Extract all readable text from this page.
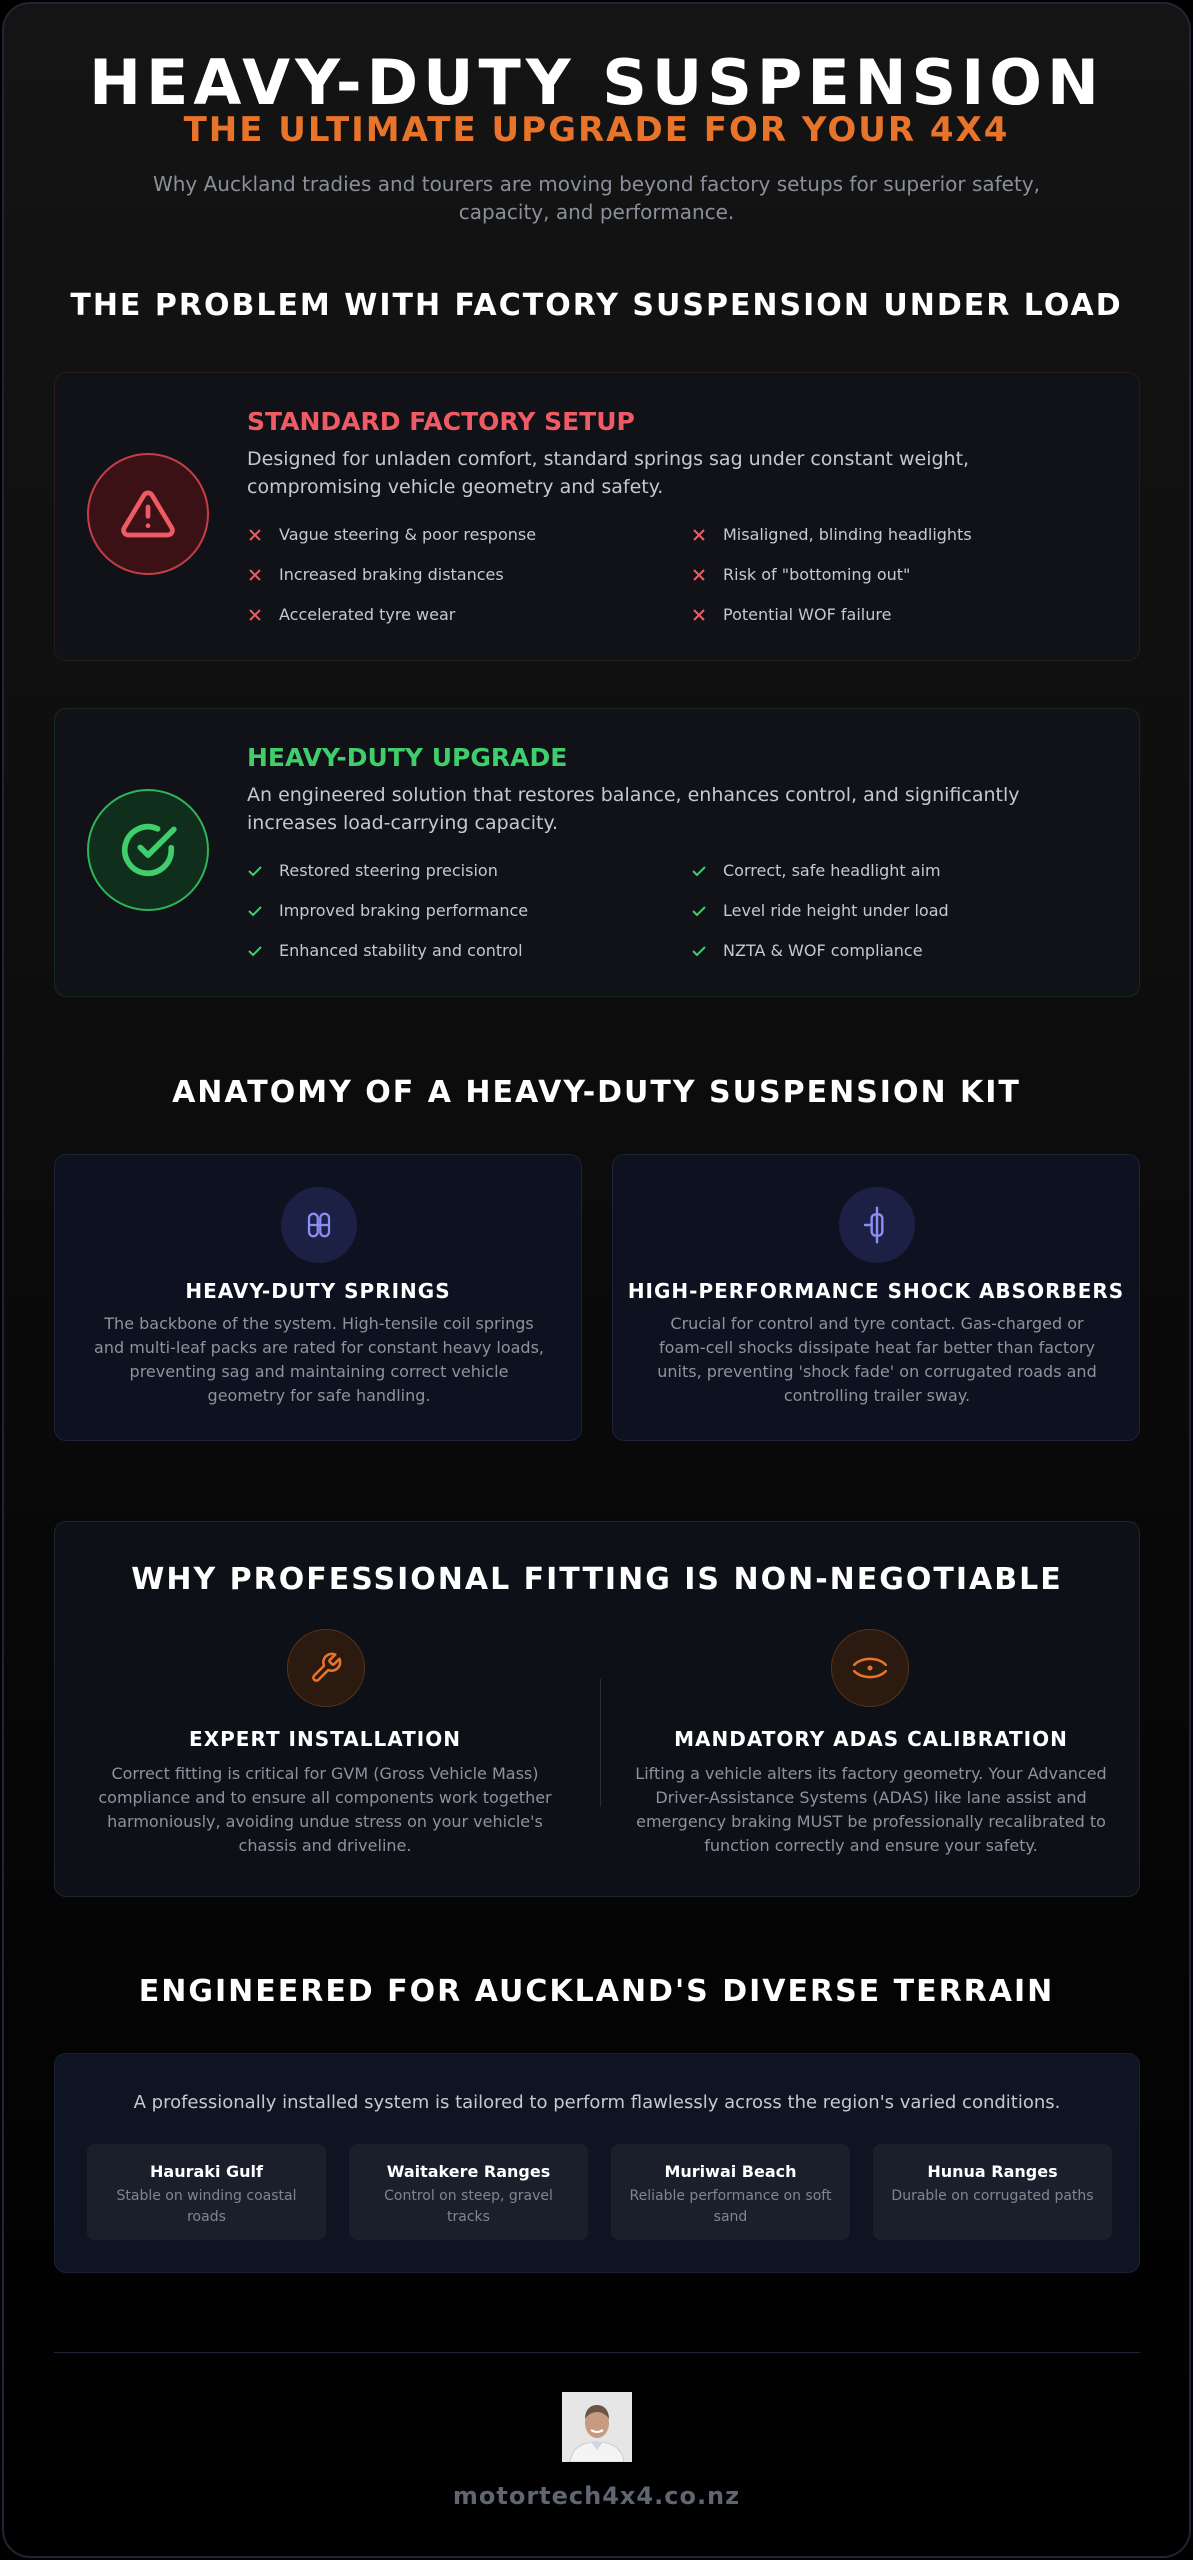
HEAVY-DUTY SUSPENSION
THE ULTIMATE UPGRADE FOR YOUR 4X4
Why Auckland tradies and tourers are moving beyond factory setups for superior safety, capacity, and performance.
THE PROBLEM WITH FACTORY SUSPENSION UNDER LOAD
STANDARD FACTORY SETUP
Designed for unladen comfort, standard springs sag under constant weight, compromising vehicle geometry and safety.
Vague steering & poor response	Misaligned, blinding headlights
Increased braking distances	Risk of "bottoming out"
Accelerated tyre wear	Potential WOF failure
HEAVY-DUTY UPGRADE
An engineered solution that restores balance, enhances control, and significantly increases load-carrying capacity.
Restored steering precision	Correct, safe headlight aim
Improved braking performance	Level ride height under load
Enhanced stability and control	NZTA & WOF compliance
ANATOMY OF A HEAVY-DUTY SUSPENSION KIT
HEAVY-DUTY SPRINGS
The backbone of the system. High-tensile coil springs and multi-leaf packs are rated for constant heavy loads, preventing sag and maintaining correct vehicle geometry for safe handling.
HIGH-PERFORMANCE SHOCK ABSORBERS
Crucial for control and tyre contact. Gas-charged or foam-cell shocks dissipate heat far better than factory units, preventing 'shock fade' on corrugated roads and controlling trailer sway.
WHY PROFESSIONAL FITTING IS NON-NEGOTIABLE
EXPERT INSTALLATION
Correct fitting is critical for GVM (Gross Vehicle Mass) compliance and to ensure all components work together harmoniously, avoiding undue stress on your vehicle's chassis and driveline.
MANDATORY ADAS CALIBRATION
Lifting a vehicle alters its factory geometry. Your Advanced Driver-Assistance Systems (ADAS) like lane assist and emergency braking MUST be professionally recalibrated to function correctly and ensure your safety.
ENGINEERED FOR AUCKLAND'S DIVERSE TERRAIN
A professionally installed system is tailored to perform flawlessly across the region's varied conditions.
Hauraki Gulf
Stable on winding coastal roads
Waitakere Ranges
Control on steep, gravel tracks
Muriwai Beach
Reliable performance on soft sand
Hunua Ranges
Durable on corrugated paths
motortech4x4.co.nz
